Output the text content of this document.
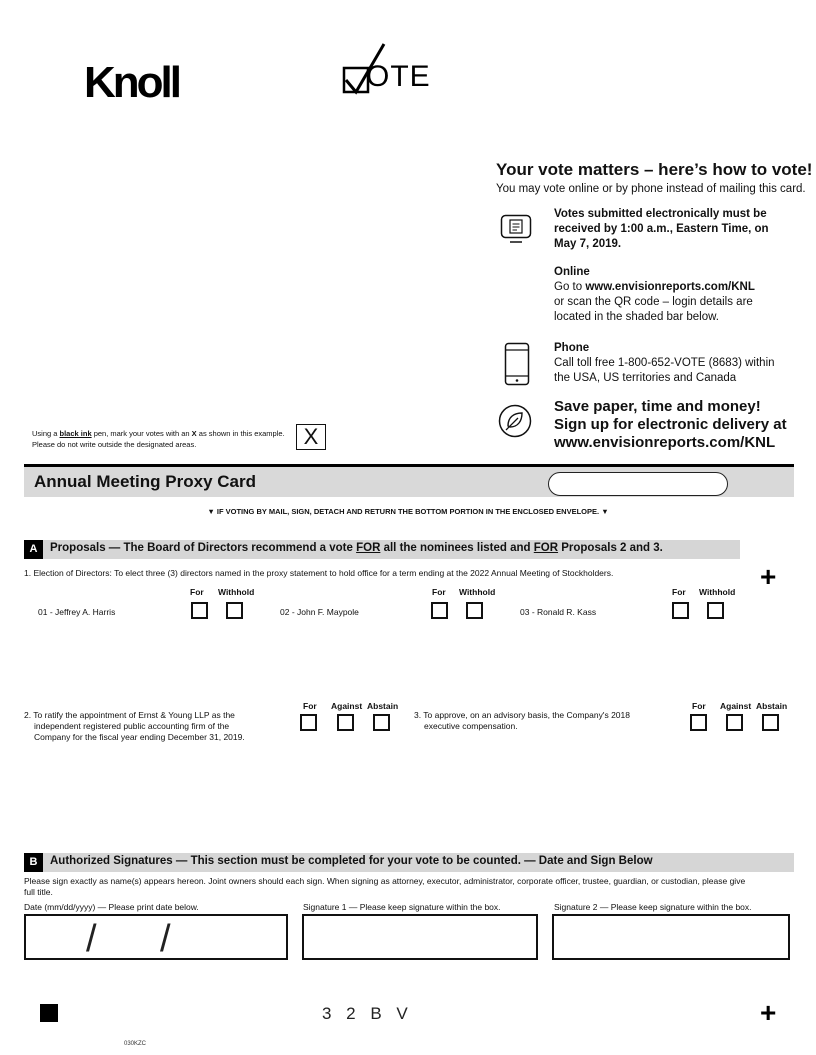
Knoll	OTE
Your vote matters – here’s how to vote!
You may vote online or by phone instead of mailing this card.
Votes submitted electronically must be
received by 1:00 a.m., Eastern Time, on
May 7, 2019.
Online
Go to www.envisionreports.com/KNL
or scan the QR code – login details are
located in the shaded bar below.
Phone
Call toll free 1-800-652-VOTE (8683) within
the USA, US territories and Canada
Save paper, time and money!
Sign up for electronic delivery at
www.envisionreports.com/KNL
Using a black ink pen, mark your votes with an X as shown in this example.
Please do not write outside the designated areas.	X
Annual Meeting Proxy Card
▼ IF VOTING BY MAIL, SIGN, DETACH AND RETURN THE BOTTOM PORTION IN THE ENCLOSED ENVELOPE. ▼
A	Proposals — The Board of Directors recommend a vote FOR all the nominees listed and FOR Proposals 2 and 3.
1. Election of Directors: To elect three (3) directors named in the proxy statement to hold office for a term ending at the 2022 Annual Meeting of Stockholders.	+
For Withhold	For Withhold	For Withhold
01 - Jeffrey A. Harris	02 - John F. Maypole	03 - Ronald R. Kass
2. To ratify the appointment of Ernst & Young LLP as the
independent registered public accounting firm of the
Company for the fiscal year ending December 31, 2019.
For Against Abstain
3. To approve, on an advisory basis, the Company's 2018
executive compensation.
For Against Abstain
B	Authorized Signatures — This section must be completed for your vote to be counted. — Date and Sign Below
Please sign exactly as name(s) appears hereon. Joint owners should each sign. When signing as attorney, executor, administrator, corporate officer, trustee, guardian, or custodian, please give
full title.
Date (mm/dd/yyyy) — Please print date below.	Signature 1 — Please keep signature within the box.	Signature 2 — Please keep signature within the box.
/ /
3 2 B V	+
030KZC
